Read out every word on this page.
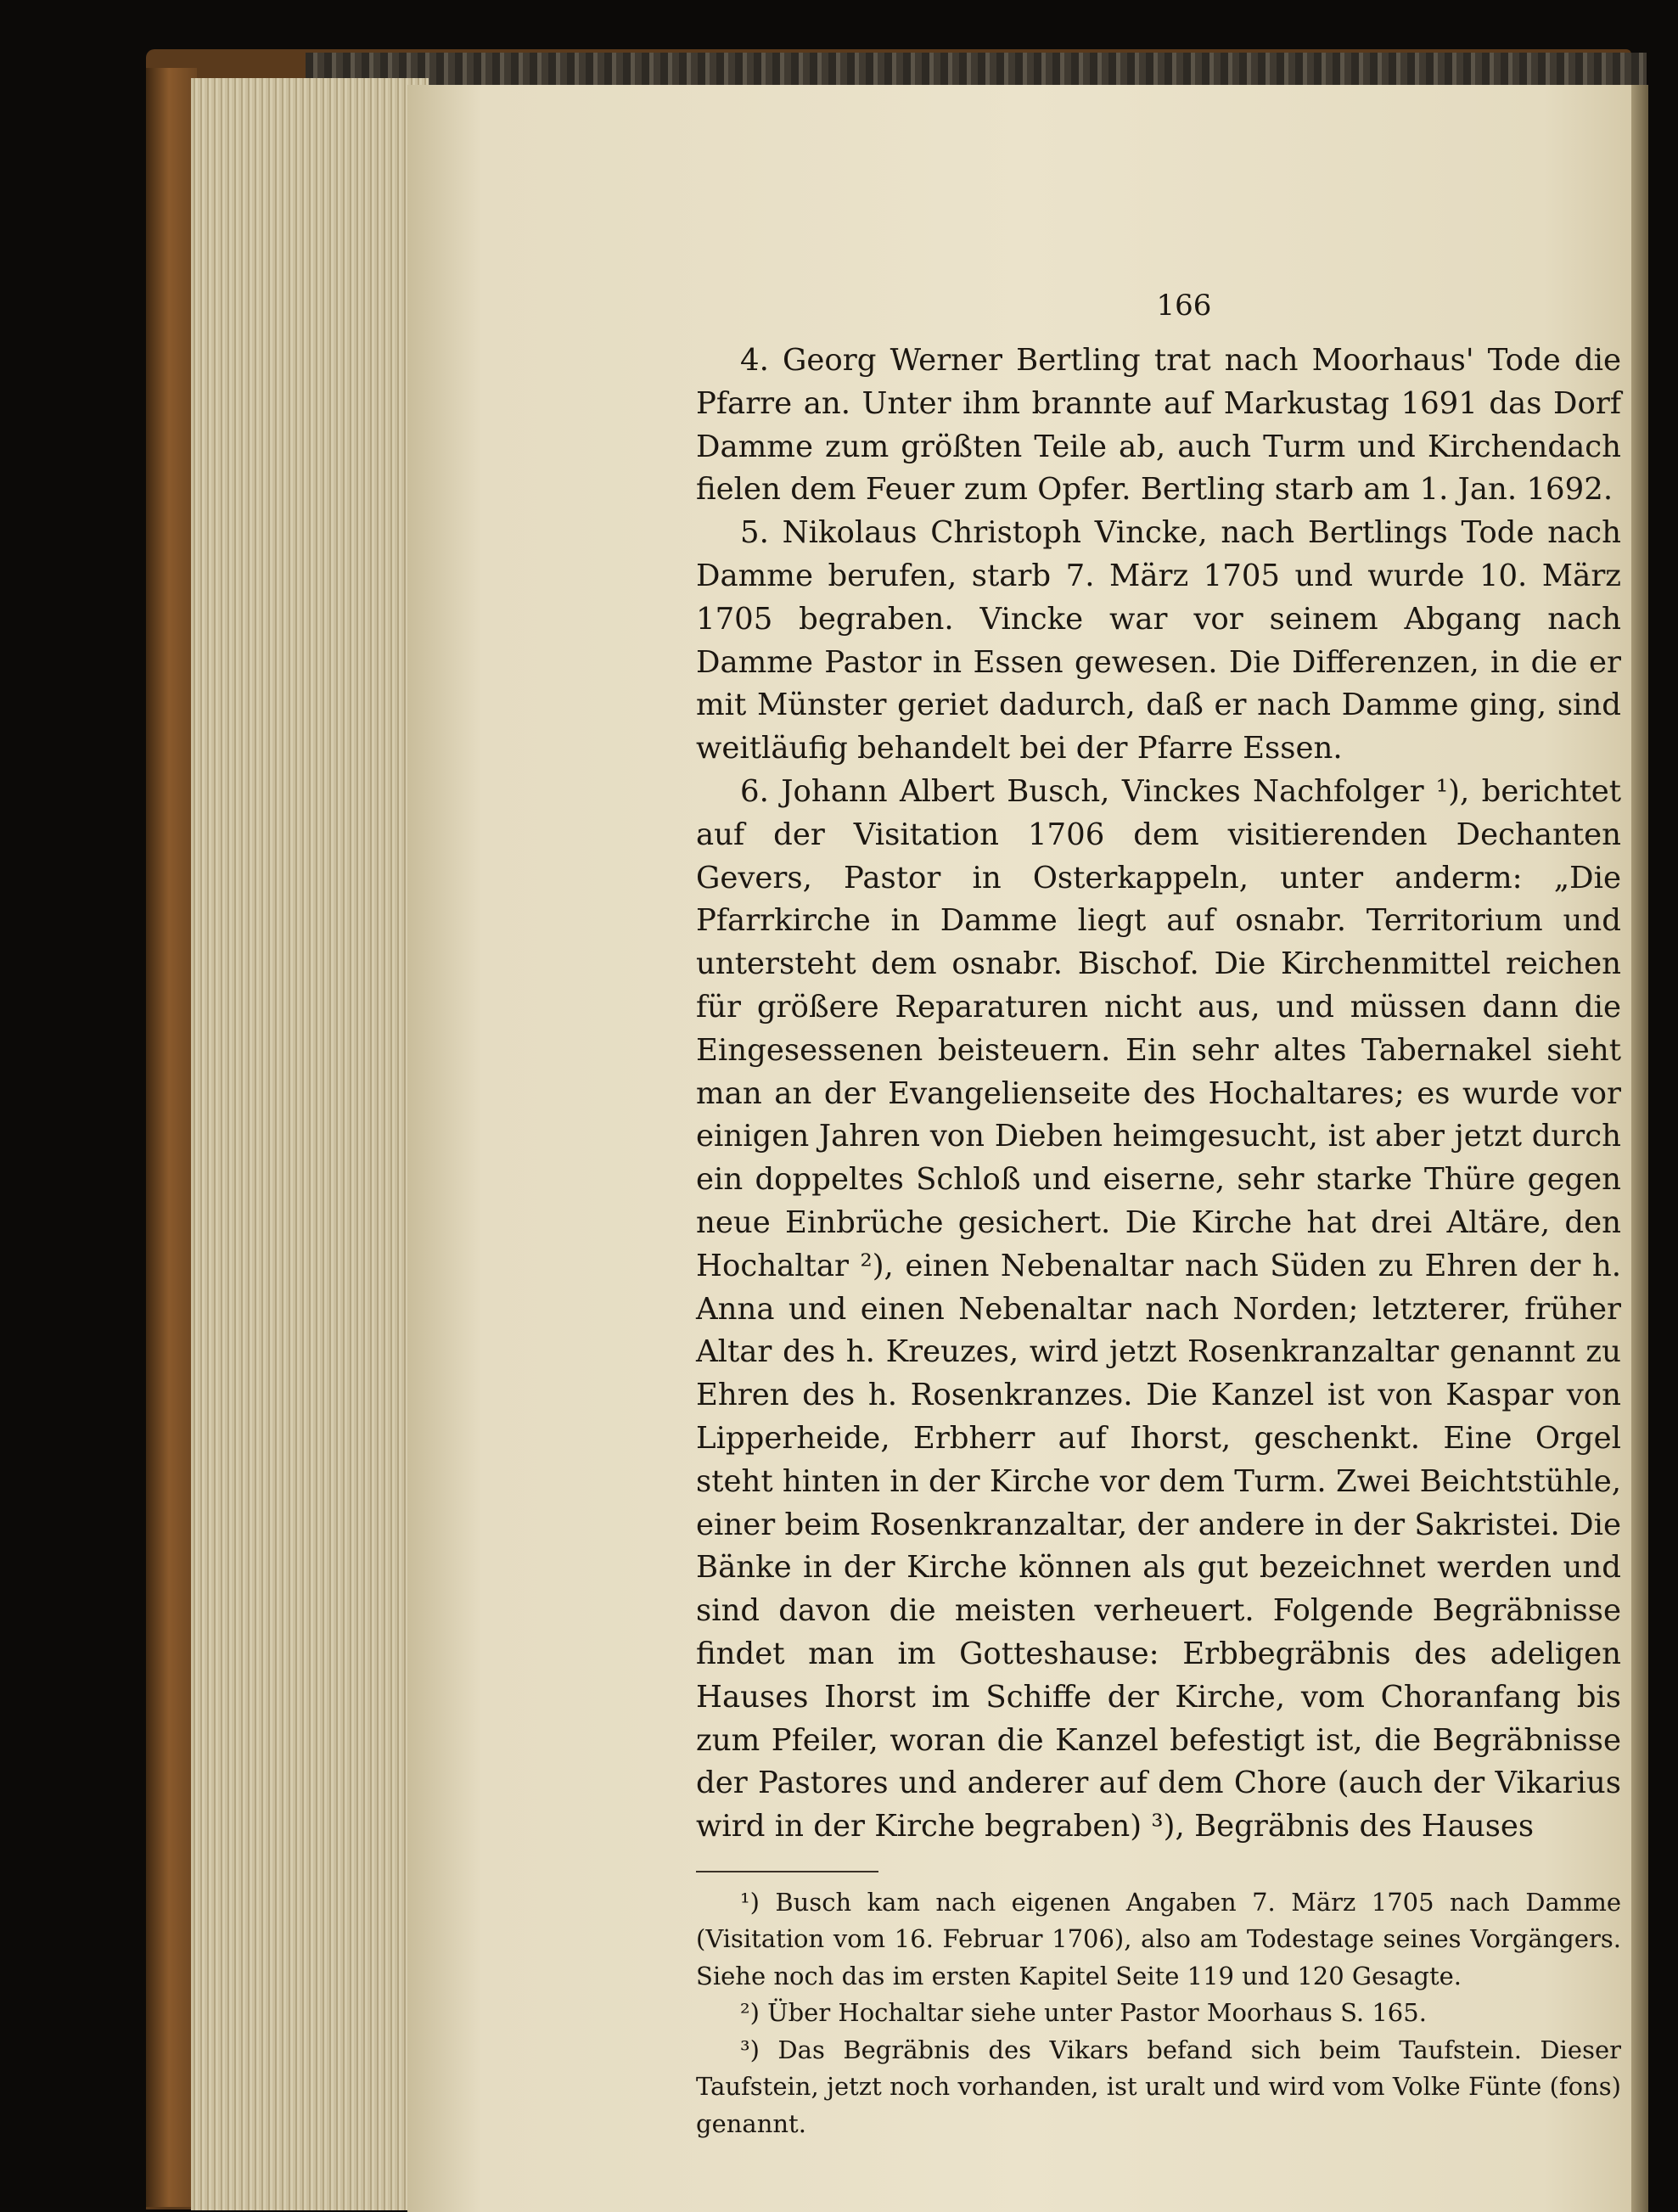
166

4. Georg Werner Bertling trat nach Moorhaus' Tode die Pfarre an. Unter ihm brannte auf Markustag 1691 das Dorf Damme zum größten Teile ab, auch Turm und Kirchendach fielen dem Feuer zum Opfer. Bertling starb am 1. Jan. 1692.

5. Nikolaus Christoph Vincke, nach Bertlings Tode nach Damme berufen, starb 7. März 1705 und wurde 10. März 1705 begraben. Vincke war vor seinem Abgang nach Damme Pastor in Essen gewesen. Die Differenzen, in die er mit Münster geriet dadurch, daß er nach Damme ging, sind weitläufig behandelt bei der Pfarre Essen.

6. Johann Albert Busch, Vinckes Nachfolger ¹), berichtet auf der Visitation 1706 dem visitierenden Dechanten Gevers, Pastor in Osterkappeln, unter anderm: „Die Pfarrkirche in Damme liegt auf osnabr. Territorium und untersteht dem osnabr. Bischof. Die Kirchenmittel reichen für größere Reparaturen nicht aus, und müssen dann die Eingesessenen beisteuern. Ein sehr altes Tabernakel sieht man an der Evangelienseite des Hochaltares; es wurde vor einigen Jahren von Dieben heimgesucht, ist aber jetzt durch ein doppeltes Schloß und eiserne, sehr starke Thüre gegen neue Einbrüche gesichert. Die Kirche hat drei Altäre, den Hochaltar ²), einen Nebenaltar nach Süden zu Ehren der h. Anna und einen Nebenaltar nach Norden; letzterer, früher Altar des h. Kreuzes, wird jetzt Rosenkranzaltar genannt zu Ehren des h. Rosenkranzes. Die Kanzel ist von Kaspar von Lipperheide, Erbherr auf Ihorst, geschenkt. Eine Orgel steht hinten in der Kirche vor dem Turm. Zwei Beichtstühle, einer beim Rosenkranzaltar, der andere in der Sakristei. Die Bänke in der Kirche können als gut bezeichnet werden und sind davon die meisten verheuert. Folgende Begräbnisse findet man im Gotteshause: Erbbegräbnis des adeligen Hauses Ihorst im Schiffe der Kirche, vom Choranfang bis zum Pfeiler, woran die Kanzel befestigt ist, die Begräbnisse der Pastores und anderer auf dem Chore (auch der Vikarius wird in der Kirche begraben) ³), Begräbnis des Hauses

¹) Busch kam nach eigenen Angaben 7. März 1705 nach Damme (Visitation vom 16. Februar 1706), also am Todestage seines Vorgängers. Siehe noch das im ersten Kapitel Seite 119 und 120 Gesagte.

²) Über Hochaltar siehe unter Pastor Moorhaus S. 165.

³) Das Begräbnis des Vikars befand sich beim Taufstein. Dieser Taufstein, jetzt noch vorhanden, ist uralt und wird vom Volke Fünte (fons) genannt.
